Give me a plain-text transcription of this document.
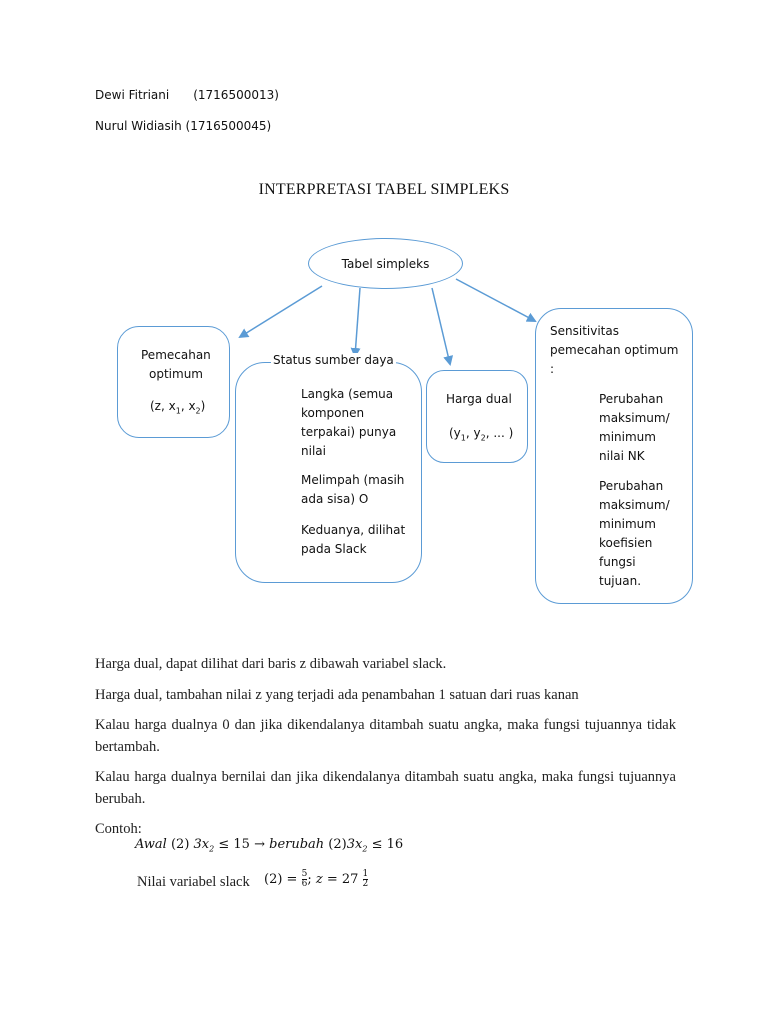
Dewi Fitriani (1716500013)
Nurul Widiasih (1716500045)
INTERPRETASI TABEL SIMPLEKS
Tabel simpleks
Pemecahan
optimum
(z, $x_1$, $x_2$)
Status sumber daya
Langka (semua
komponen
terpakai) punya
nilai
Melimpah (masih
ada sisa) O
Keduanya, dilihat
pada Slack
Harga dual
($y_1$, $y_2$, ... )
Sensitivitas
pemecahan optimum
:
Perubahan
maksimum/
minimum
nilai NK
Perubahan
maksimum/
minimum
koefisien
fungsi
tujuan.
Harga dual, dapat dilihat dari baris z dibawah variabel slack.
Harga dual, tambahan nilai z yang terjadi ada penambahan 1 satuan dari ruas kanan
Kalau harga dualnya 0 dan jika dikendalanya ditambah suatu angka, maka fungsi tujuannya tidak bertambah.
Kalau harga dualnya bernilai dan jika dikendalanya ditambah suatu angka, maka fungsi tujuannya berubah.
Contoh:
Awal (2) $3x_2 \le 15$ → berubah $(2)3x_2 \le 16$
Nilai variabel slack $(2) = \frac{5}{6}$ ; $z = 27 \frac{1}{2}$
